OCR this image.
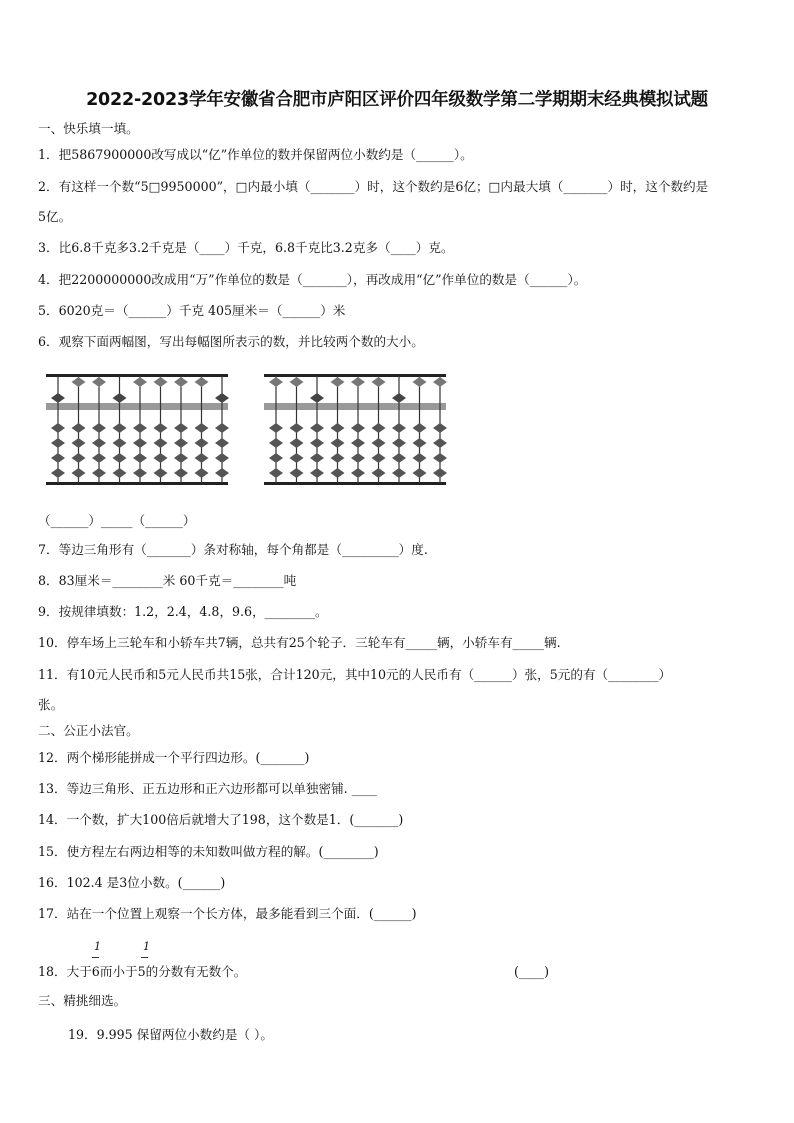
2022-2023学年安徽省合肥市庐阳区评价四年级数学第二学期期末经典模拟试题
一、快乐填一填。
1．把5867900000改写成以“亿”作单位的数并保留两位小数约是（______）。
2．有这样一个数“5□9950000”，□内最小填（_______）时，这个数约是6亿；□内最大填（_______）时，这个数约是
5亿。
3．比6.8千克多3.2千克是（____）千克，6.8千克比3.2克多（____）克。
4．把2200000000改成用“万”作单位的数是（_______），再改成用“亿”作单位的数是（______）。
5．6020克＝（______）千克 405厘米＝（______）米
6．观察下面两幅图，写出每幅图所表示的数，并比较两个数的大小。
（______）_____（______）
7．等边三角形有（_______）条对称轴，每个角都是（_________）度.
8．83厘米＝________米 60千克＝________吨
9．按规律填数：1.2，2.4，4.8，9.6，________。
10．停车场上三轮车和小轿车共7辆，总共有25个轮子．三轮车有_____辆，小轿车有_____辆.
11．有10元人民币和5元人民币共15张，合计120元，其中10元的人民币有（______）张，5元的有（________）
张。
二、公正小法官。
12．两个梯形能拼成一个平行四边形。(_______)
13．等边三角形、正五边形和正六边形都可以单独密铺. ____
14．一个数，扩大100倍后就增大了198，这个数是1．(_______)
15．使方程左右两边相等的未知数叫做方程的解。(________)
16．102.4 是3位小数。(______)
17．站在一个位置上观察一个长方体，最多能看到三个面．(______)
1	1
18．大于6而小于5的分数有无数个。	(____)
三、精挑细选。
19．9.995 保留两位小数约是（ ）。
